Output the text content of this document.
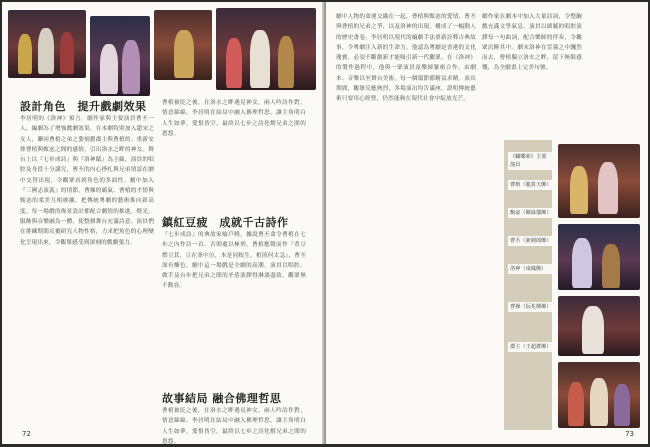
設計角色　提升戲劇效果
李居明的《洛神》預言，劇作家與主要演員曹丕一人，編劇為了增強戲劇效果，在本劇特別加入趙宋之女人，聯同曹植之弟之姿刻劃郡主與曹植的。重新安排曹植與甄宓之間的感情，引出洛水之畔的神女。舞台上以『七步成詩』與『洛神賦』為主線，演員的唱腔及身段十分講究，曹丕的內心掙扎與兄弟情誼在劇中交替出現，令觀眾看到角色的多面性。劇中加入『三國志演義』的情節，曹操的霸氣、曹植的才情與甄宓的柔美互相映襯，把傳統粵劇的藝術推向新高度。每一場戲的佈景設計都配合劇情的推進，燈光、服飾與音樂融為一體，使整個舞台充滿詩意。演員們在排練期間反覆研究人物性格，力求把角色的心理變化呈現出來，令觀眾感受到深刻的戲劇張力。
曹植被貶之後，在洛水之畔遇見神女，兩人吟詩作對，情意綿綿。李居明在結局中融入佛理哲思，讓主角明白人生如夢，愛恨皆空，最終以七步之詩化解兄弟之間的恩怨。
鎮紅豆疲　成就千古詩作
『七步成詩』的典故家喻戶曉，據說曹丕命令曹植在七步之內作詩一首，否則處以極刑。曹植應聲而作『煮豆燃豆萁，豆在釜中泣，本是同根生，相煎何太急』，曹丕深有慚色。劇中這一場戲是全劇的高潮，演員以唱腔、做手及台步把兄弟之間的矛盾演繹得淋漓盡致，觀眾無不動容。
故事結局 融合佛理哲思
曹植被貶之後，在洛水之畔遇見神女，兩人吟詩作對，情意綿綿。李居明在結局中融入佛理哲思，讓主角明白人生如夢，愛恨皆空，最終以七步之詩化解兄弟之間的恩怨。
72
劇中人物的命運交織在一起，曹植與甄宓的愛情、曹丕與曹植的兄弟之爭，以及洛神的出現，構成了一幅動人的歷史畫卷。李居明以現代的編劇手法重新詮釋古典故事，令粵劇注入新的生命力。他認為粵劇是香港的文化瑰寶，必須不斷創新才能吸引新一代觀眾。在《洛神》的製作過程中，他與一眾演員及樂師緊密合作，由劇本、音樂以至舞台美術，每一個環節都精益求精。演出期間，觀眾反應熱烈，多場演出均告滿座，證明傳統藝術只要用心經營，仍然能夠在現代社會中綻放光芒。
劇作家在劇本中加入大量詩詞，令整齣戲充滿文學氣息。演員以細膩的唱腔演繹每一句曲詞，配合樂師的伴奏，令觀眾沉醉其中。劇末洛神在雲霧之中飄然而去，曹植獨立洛水之畔，留下無限感慨，為全劇畫上完美句號。
《蝴蝶夢》主要演員
曹植（龍貫天飾）
甄宓（陳詠儀飾）
曹丕（新劍郎飾）
洛神（南鳳飾）
曹操（阮兆輝飾）
郡主（王超群飾）
73
